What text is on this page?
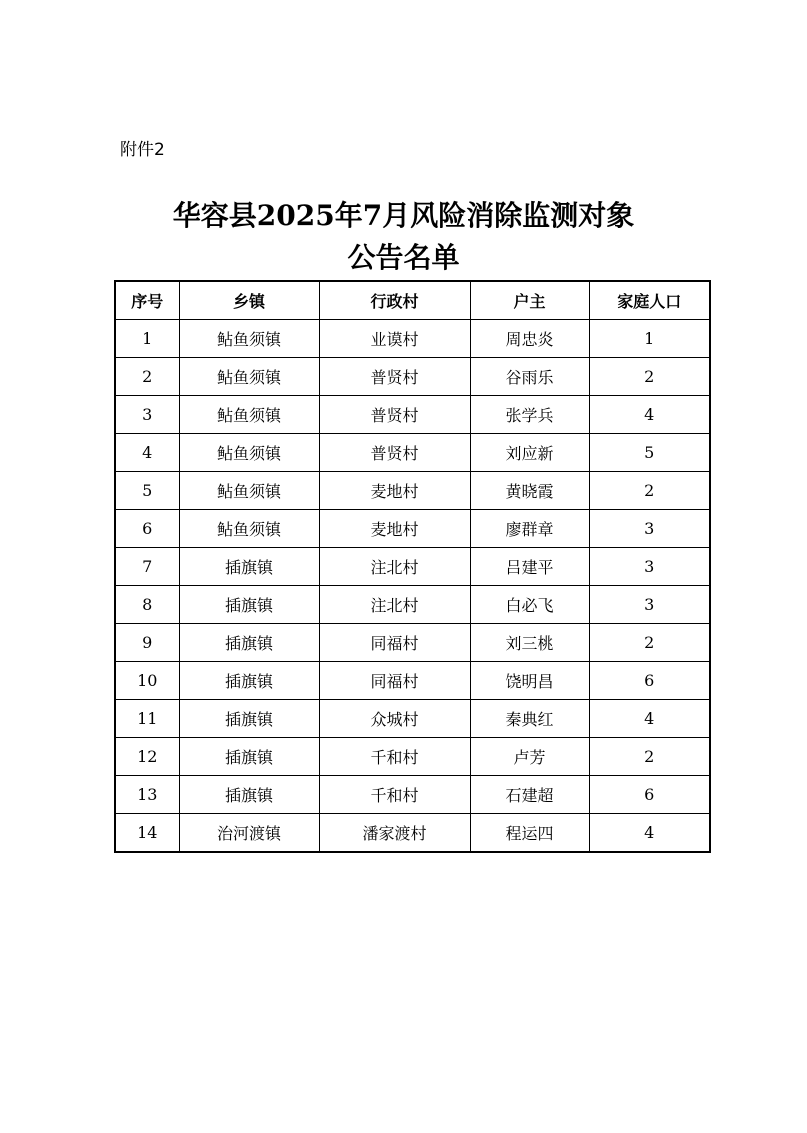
附件2
华容县2025年7月风险消除监测对象
公告名单
序号	乡镇	行政村	户主	家庭人口
1	鲇鱼须镇	业谟村	周忠炎	1
2	鲇鱼须镇	普贤村	谷雨乐	2
3	鲇鱼须镇	普贤村	张学兵	4
4	鲇鱼须镇	普贤村	刘应新	5
5	鲇鱼须镇	麦地村	黄晓霞	2
6	鲇鱼须镇	麦地村	廖群章	3
7	插旗镇	注北村	吕建平	3
8	插旗镇	注北村	白必飞	3
9	插旗镇	同福村	刘三桃	2
10	插旗镇	同福村	饶明昌	6
11	插旗镇	众城村	秦典红	4
12	插旗镇	千和村	卢芳	2
13	插旗镇	千和村	石建超	6
14	治河渡镇	潘家渡村	程运四	4
